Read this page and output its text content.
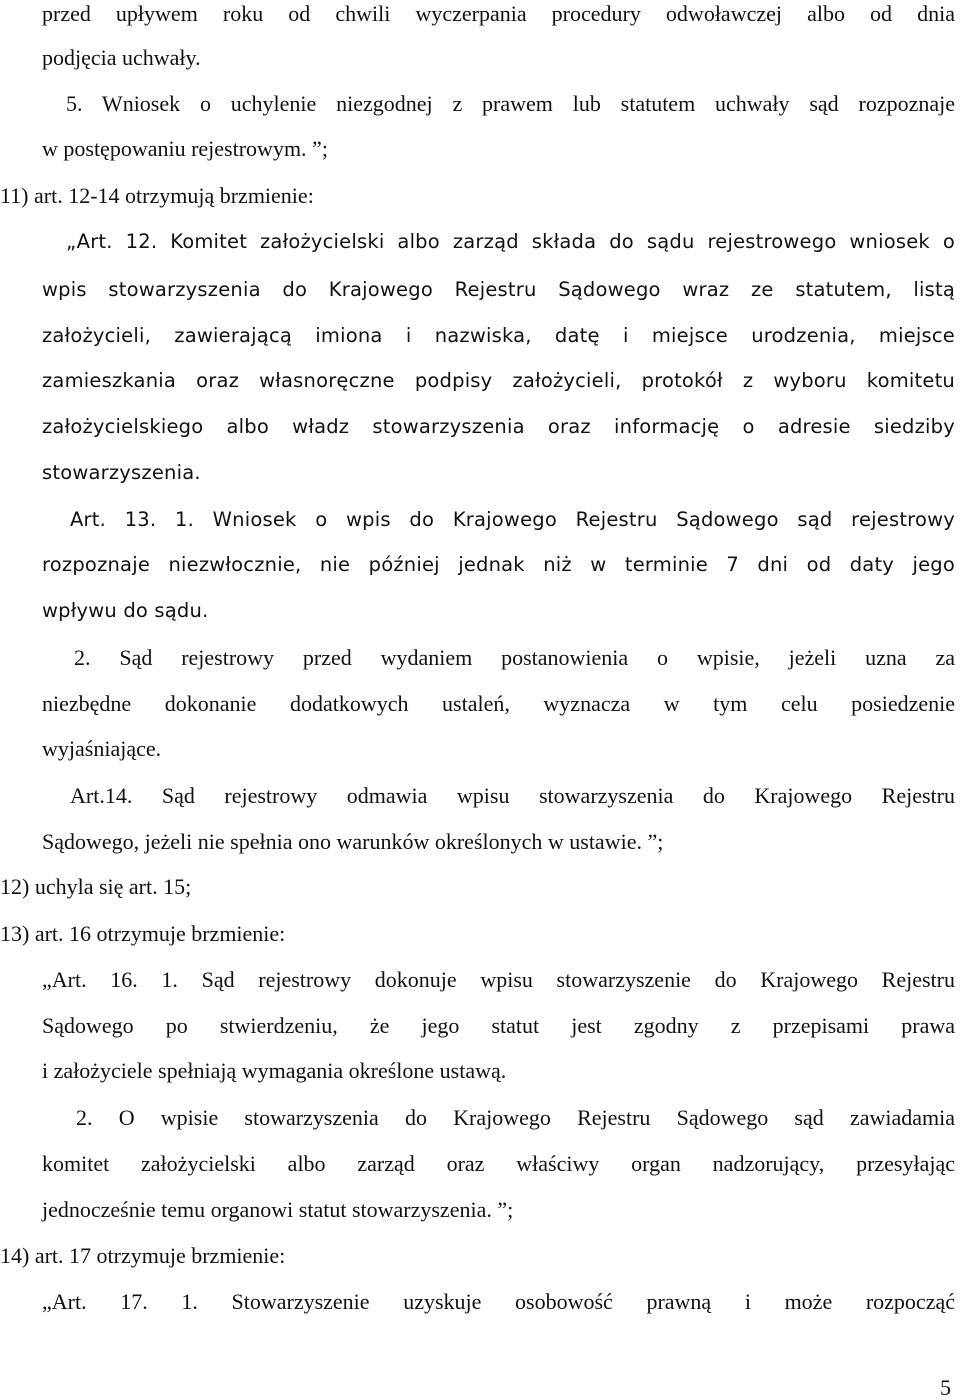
przed upływem roku od chwili wyczerpania procedury odwoławczej albo od dnia

podjęcia uchwały.

5. Wniosek o uchylenie niezgodnej z prawem lub statutem uchwały sąd rozpoznaje

w postępowaniu rejestrowym. ”;

11) art. 12-14 otrzymują brzmienie:

„Art. 12. Komitet założycielski albo zarząd składa do sądu rejestrowego wniosek o

wpis stowarzyszenia do Krajowego Rejestru Sądowego wraz ze statutem, listą

założycieli, zawierającą imiona i nazwiska, datę i miejsce urodzenia, miejsce

zamieszkania oraz własnoręczne podpisy założycieli, protokół z wyboru komitetu

założycielskiego albo władz stowarzyszenia oraz informację o adresie siedziby

stowarzyszenia.

Art. 13. 1. Wniosek o wpis do Krajowego Rejestru Sądowego sąd rejestrowy

rozpoznaje niezwłocznie, nie później jednak niż w terminie 7 dni od daty jego

wpływu do sądu.

2. Sąd rejestrowy przed wydaniem postanowienia o wpisie, jeżeli uzna za

niezbędne dokonanie dodatkowych ustaleń, wyznacza w tym celu posiedzenie

wyjaśniające.

Art.14. Sąd rejestrowy odmawia wpisu stowarzyszenia do Krajowego Rejestru

Sądowego, jeżeli nie spełnia ono warunków określonych w ustawie. ”;

12) uchyla się art. 15;

13) art. 16 otrzymuje brzmienie:

„Art. 16. 1. Sąd rejestrowy dokonuje wpisu stowarzyszenie do Krajowego Rejestru

Sądowego po stwierdzeniu, że jego statut jest zgodny z przepisami prawa

i założyciele spełniają wymagania określone ustawą.

2. O wpisie stowarzyszenia do Krajowego Rejestru Sądowego sąd zawiadamia

komitet założycielski albo zarząd oraz właściwy organ nadzorujący, przesyłając

jednocześnie temu organowi statut stowarzyszenia. ”;

14) art. 17 otrzymuje brzmienie:

„Art. 17. 1. Stowarzyszenie uzyskuje osobowość prawną i może rozpocząć

5
